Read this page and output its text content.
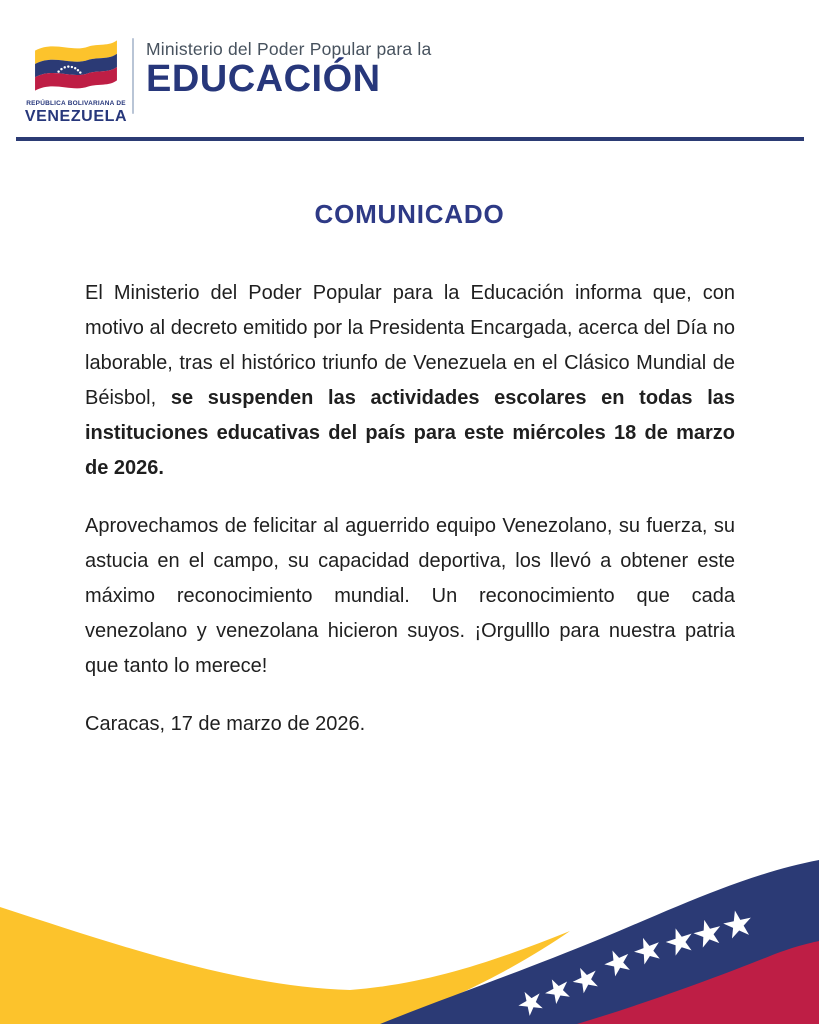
REPÚBLICA BOLIVARIANA DE
VENEZUELA
Ministerio del Poder Popular para la
EDUCACIÓN
COMUNICADO

El Ministerio del Poder Popular para la Educación informa que, con motivo al decreto emitido por la Presidenta Encargada, acerca del Día no laborable, tras el histórico triunfo de Venezuela en el Clásico Mundial de Béisbol, se suspenden las actividades escolares en todas las instituciones educativas del país para este miércoles 18 de marzo de 2026.

Aprovechamos de felicitar al aguerrido equipo Venezolano, su fuerza, su astucia en el campo, su capacidad deportiva, los llevó a obtener este máximo reconocimiento mundial. Un reconocimiento que cada venezolano y venezolana hicieron suyos. ¡Orgulllo para nuestra patria que tanto lo merece!

Caracas, 17 de marzo de 2026.
